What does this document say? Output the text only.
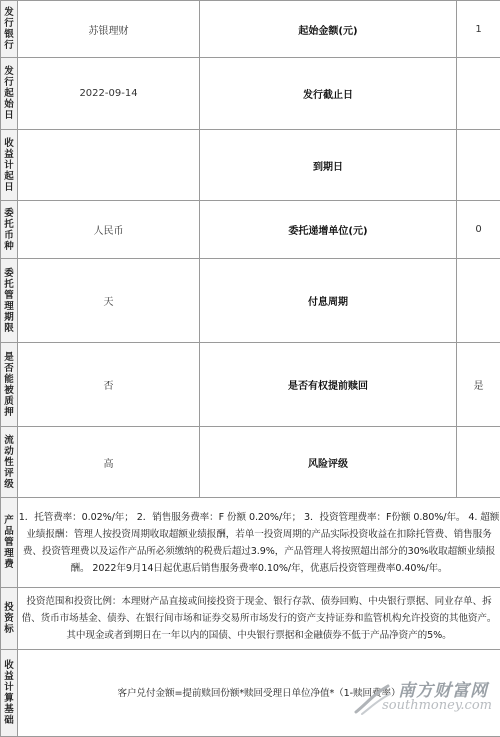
发行银行	苏银理财	起始金额(元)	1

发行起始日	2022-09-14	发行截止日	

收益计起日		到期日	

委托币种	人民币	委托递增单位(元)	0

委托管理期限	天	付息周期	

是否能被质押	否	是否有权提前赎回	是

流动性评级	高	风险评级	

产品管理费	1．托管费率：0.02%/年； 2．销售服务费率：F 份额 0.20%/年； 3．投资管理费率：F份额 0.80%/年。 4. 超额业绩报酬：管理人按投资周期收取超额业绩报酬，若单一投资周期的产品实际投资收益在扣除托管费、销售服务费、投资管理费以及运作产品所必须缴纳的税费后超过3.9%，产品管理人将按照超出部分的30%收取超额业绩报酬。 2022年9月14日起优惠后销售服务费率0.10%/年，优惠后投资管理费率0.40%/年。		

投资标	投资范围和投资比例：本理财产品直接或间接投资于现金、银行存款、债券回购、中央银行票据、同业存单、拆借、货币市场基金、债券、在银行间市场和证券交易所市场发行的资产支持证券和监管机构允许投资的其他资产。其中现金或者到期日在一年以内的国债、中央银行票据和金融债券不低于产品净资产的5%。		

收益计算基础	客户兑付金额=提前赎回份额*赎回受理日单位净值*（1-赎回费率）		
南方财富网
southmoney.com
